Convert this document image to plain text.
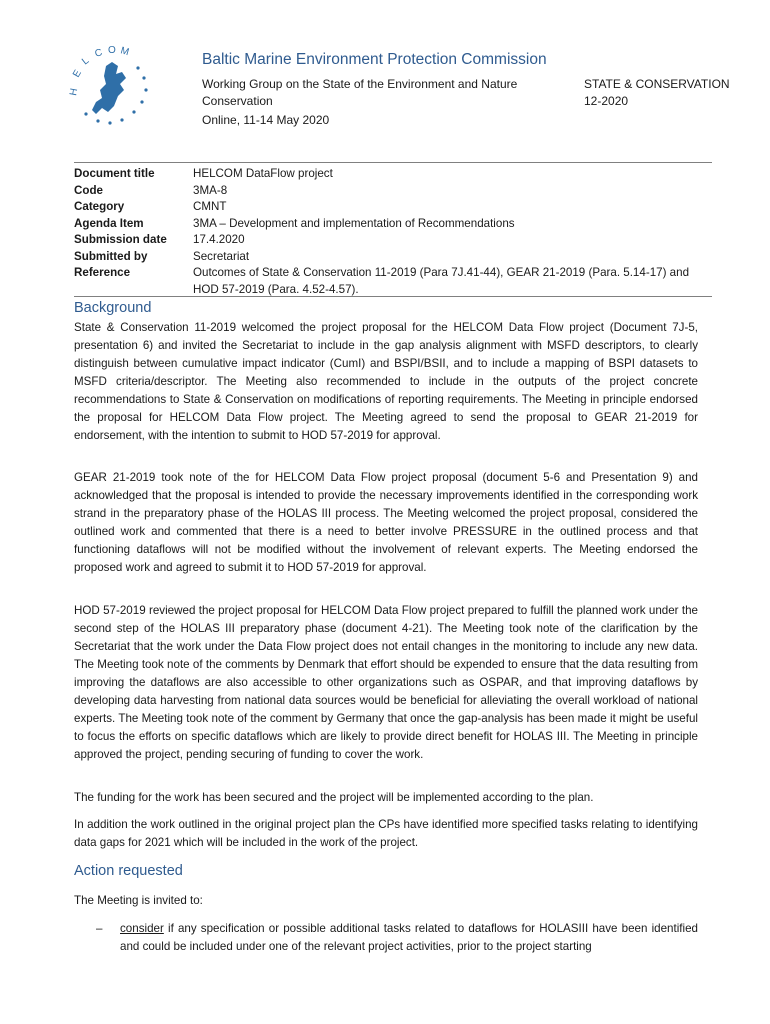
H
E
L
C O M	Baltic Marine Environment Protection Commission
Working Group on the State of the Environment and Nature Conservation
STATE & CONSERVATION
12-2020
Online, 11-14 May 2020
Document title	HELCOM DataFlow project
Code	3MA-8
Category	CMNT
Agenda Item	3MA – Development and implementation of Recommendations
Submission date	17.4.2020
Submitted by	Secretariat
Reference	Outcomes of State & Conservation 11-2019 (Para 7J.41-44), GEAR 21-2019 (Para. 5.14-17) and HOD 57-2019 (Para. 4.52-4.57).
Background

State & Conservation 11-2019 welcomed the project proposal for the HELCOM Data Flow project (Document 7J-5, presentation 6) and invited the Secretariat to include in the gap analysis alignment with MSFD descriptors, to clearly distinguish between cumulative impact indicator (CumI) and BSPI/BSII, and to include a mapping of BSPI datasets to MSFD criteria/descriptor. The Meeting also recommended to include in the outputs of the project concrete recommendations to State & Conservation on modifications of reporting requirements. The Meeting in principle endorsed the proposal for HELCOM Data Flow project. The Meeting agreed to send the proposal to GEAR 21-2019 for endorsement, with the intention to submit to HOD 57-2019 for approval.

GEAR 21-2019 took note of the for HELCOM Data Flow project proposal (document 5-6 and Presentation 9) and acknowledged that the proposal is intended to provide the necessary improvements identified in the corresponding work strand in the preparatory phase of the HOLAS III process. The Meeting welcomed the project proposal, considered the outlined work and commented that there is a need to better involve PRESSURE in the outlined process and that functioning dataflows will not be modified without the involvement of relevant experts. The Meeting endorsed the proposed work and agreed to submit it to HOD 57-2019 for approval.

HOD 57-2019 reviewed the project proposal for HELCOM Data Flow project prepared to fulfill the planned work under the second step of the HOLAS III preparatory phase (document 4-21). The Meeting took note of the clarification by the Secretariat that the work under the Data Flow project does not entail changes in the monitoring to include any new data. The Meeting took note of the comments by Denmark that effort should be expended to ensure that the data resulting from improving the dataflows are also accessible to other organizations such as OSPAR, and that improving dataflows by developing data harvesting from national data sources would be beneficial for alleviating the overall workload of national experts. The Meeting took note of the comment by Germany that once the gap-analysis has been made it might be useful to focus the efforts on specific dataflows which are likely to provide direct benefit for HOLAS III. The Meeting in principle approved the project, pending securing of funding to cover the work.

The funding for the work has been secured and the project will be implemented according to the plan.

In addition the work outlined in the original project plan the CPs have identified more specified tasks relating to identifying data gaps for 2021 which will be included in the work of the project.

Action requested

The Meeting is invited to:

– consider if any specification or possible additional tasks related to dataflows for HOLASIII have been identified and could be included under one of the relevant project activities, prior to the project starting
